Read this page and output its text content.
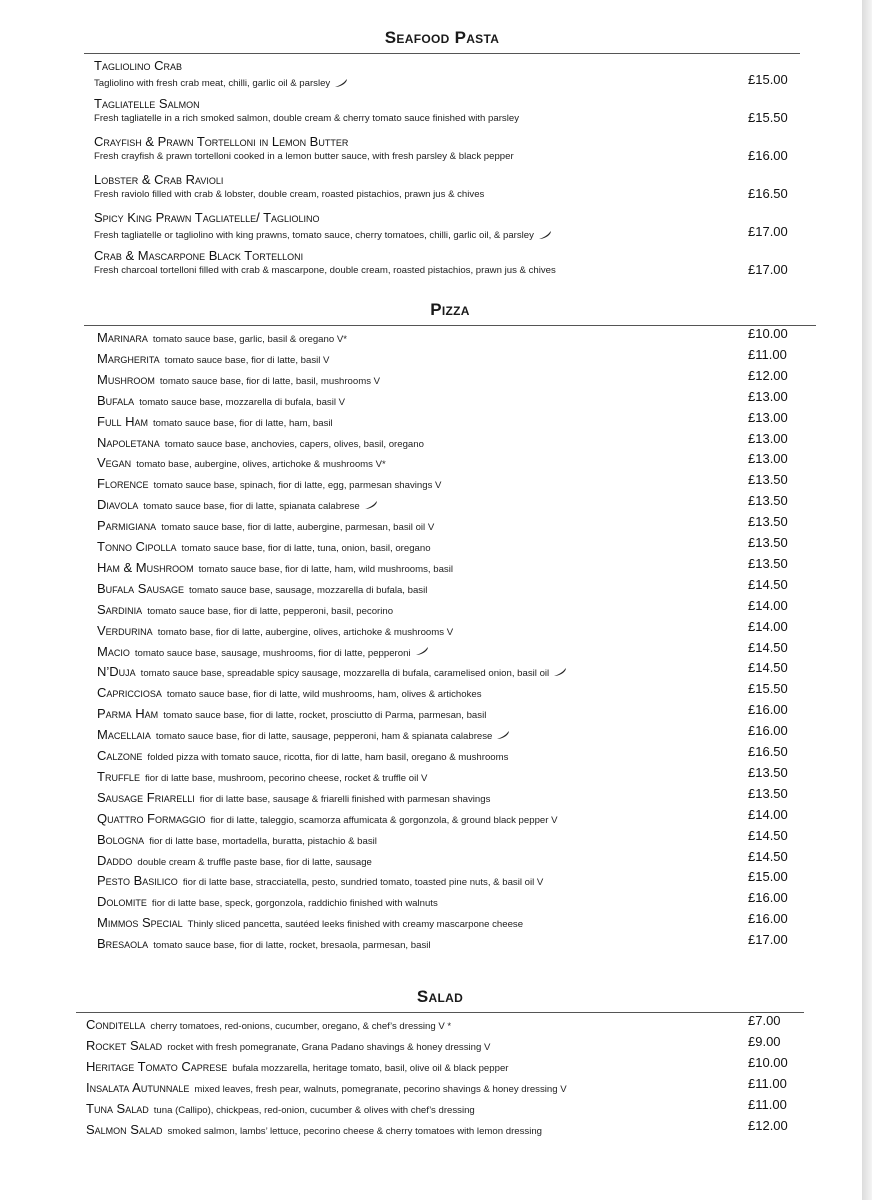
Seafood Pasta
Tagliolino Crab
Tagliolino with fresh crab meat, chilli, garlic oil & parsley	£15.00
Tagliatelle Salmon
Fresh tagliatelle in a rich smoked salmon, double cream & cherry tomato sauce finished with parsley	£15.50
Crayfish & Prawn Tortelloni in Lemon Butter
Fresh crayfish & prawn tortelloni cooked in a lemon butter sauce, with fresh parsley & black pepper	£16.00
Lobster & Crab Ravioli
Fresh raviolo filled with crab & lobster, double cream, roasted pistachios, prawn jus & chives	£16.50
Spicy King Prawn Tagliatelle/ Tagliolino
Fresh tagliatelle or tagliolino with king prawns, tomato sauce, cherry tomatoes, chilli, garlic oil, & parsley	£17.00
Crab & Mascarpone Black Tortelloni
Fresh charcoal tortelloni filled with crab & mascarpone, double cream, roasted pistachios, prawn jus & chives	£17.00
Pizza
Marinara tomato sauce base, garlic, basil & oregano V*	£10.00
Margherita tomato sauce base, fior di latte, basil V	£11.00
Mushroom tomato sauce base, fior di latte, basil, mushrooms V	£12.00
Bufala tomato sauce base, mozzarella di bufala, basil V	£13.00
Full Ham tomato sauce base, fior di latte, ham, basil	£13.00
Napoletana tomato sauce base, anchovies, capers, olives, basil, oregano	£13.00
Vegan tomato base, aubergine, olives, artichoke & mushrooms V*	£13.00
Florence tomato sauce base, spinach, fior di latte, egg, parmesan shavings V	£13.50
Diavola tomato sauce base, fior di latte, spianata calabrese	£13.50
Parmigiana tomato sauce base, fior di latte, aubergine, parmesan, basil oil V	£13.50
Tonno Cipolla tomato sauce base, fior di latte, tuna, onion, basil, oregano	£13.50
Ham & Mushroom tomato sauce base, fior di latte, ham, wild mushrooms, basil	£13.50
Bufala Sausage tomato sauce base, sausage, mozzarella di bufala, basil	£14.50
Sardinia tomato sauce base, fior di latte, pepperoni, basil, pecorino	£14.00
Verdurina tomato base, fior di latte, aubergine, olives, artichoke & mushrooms V	£14.00
Macio tomato sauce base, sausage, mushrooms, fior di latte, pepperoni	£14.50
N’Duja tomato sauce base, spreadable spicy sausage, mozzarella di bufala, caramelised onion, basil oil	£14.50
Capricciosa tomato sauce base, fior di latte, wild mushrooms, ham, olives & artichokes	£15.50
Parma Ham tomato sauce base, fior di latte, rocket, prosciutto di Parma, parmesan, basil	£16.00
Macellaia tomato sauce base, fior di latte, sausage, pepperoni, ham & spianata calabrese	£16.00
Calzone folded pizza with tomato sauce, ricotta, fior di latte, ham basil, oregano & mushrooms	£16.50
Truffle fior di latte base, mushroom, pecorino cheese, rocket & truffle oil V	£13.50
Sausage Friarelli fior di latte base, sausage & friarelli finished with parmesan shavings	£13.50
Quattro Formaggio fior di latte, taleggio, scamorza affumicata & gorgonzola, & ground black pepper V	£14.00
Bologna fior di latte base, mortadella, buratta, pistachio & basil	£14.50
Daddo double cream & truffle paste base, fior di latte, sausage	£14.50
Pesto Basilico fior di latte base, stracciatella, pesto, sundried tomato, toasted pine nuts, & basil oil V	£15.00
Dolomite fior di latte base, speck, gorgonzola, raddichio finished with walnuts	£16.00
Mimmos Special Thinly sliced pancetta, sautéed leeks finished with creamy mascarpone cheese	£16.00
Bresaola tomato sauce base, fior di latte, rocket, bresaola, parmesan, basil	£17.00
Salad
Conditella cherry tomatoes, red-onions, cucumber, oregano, & chef’s dressing V *	£7.00
Rocket Salad rocket with fresh pomegranate, Grana Padano shavings & honey dressing V	£9.00
Heritage Tomato Caprese bufala mozzarella, heritage tomato, basil, olive oil & black pepper	£10.00
Insalata Autunnale mixed leaves, fresh pear, walnuts, pomegranate, pecorino shavings & honey dressing V	£11.00
Tuna Salad tuna (Callipo), chickpeas, red-onion, cucumber & olives with chef’s dressing	£11.00
Salmon Salad smoked salmon, lambs’ lettuce, pecorino cheese & cherry tomatoes with lemon dressing	£12.00
